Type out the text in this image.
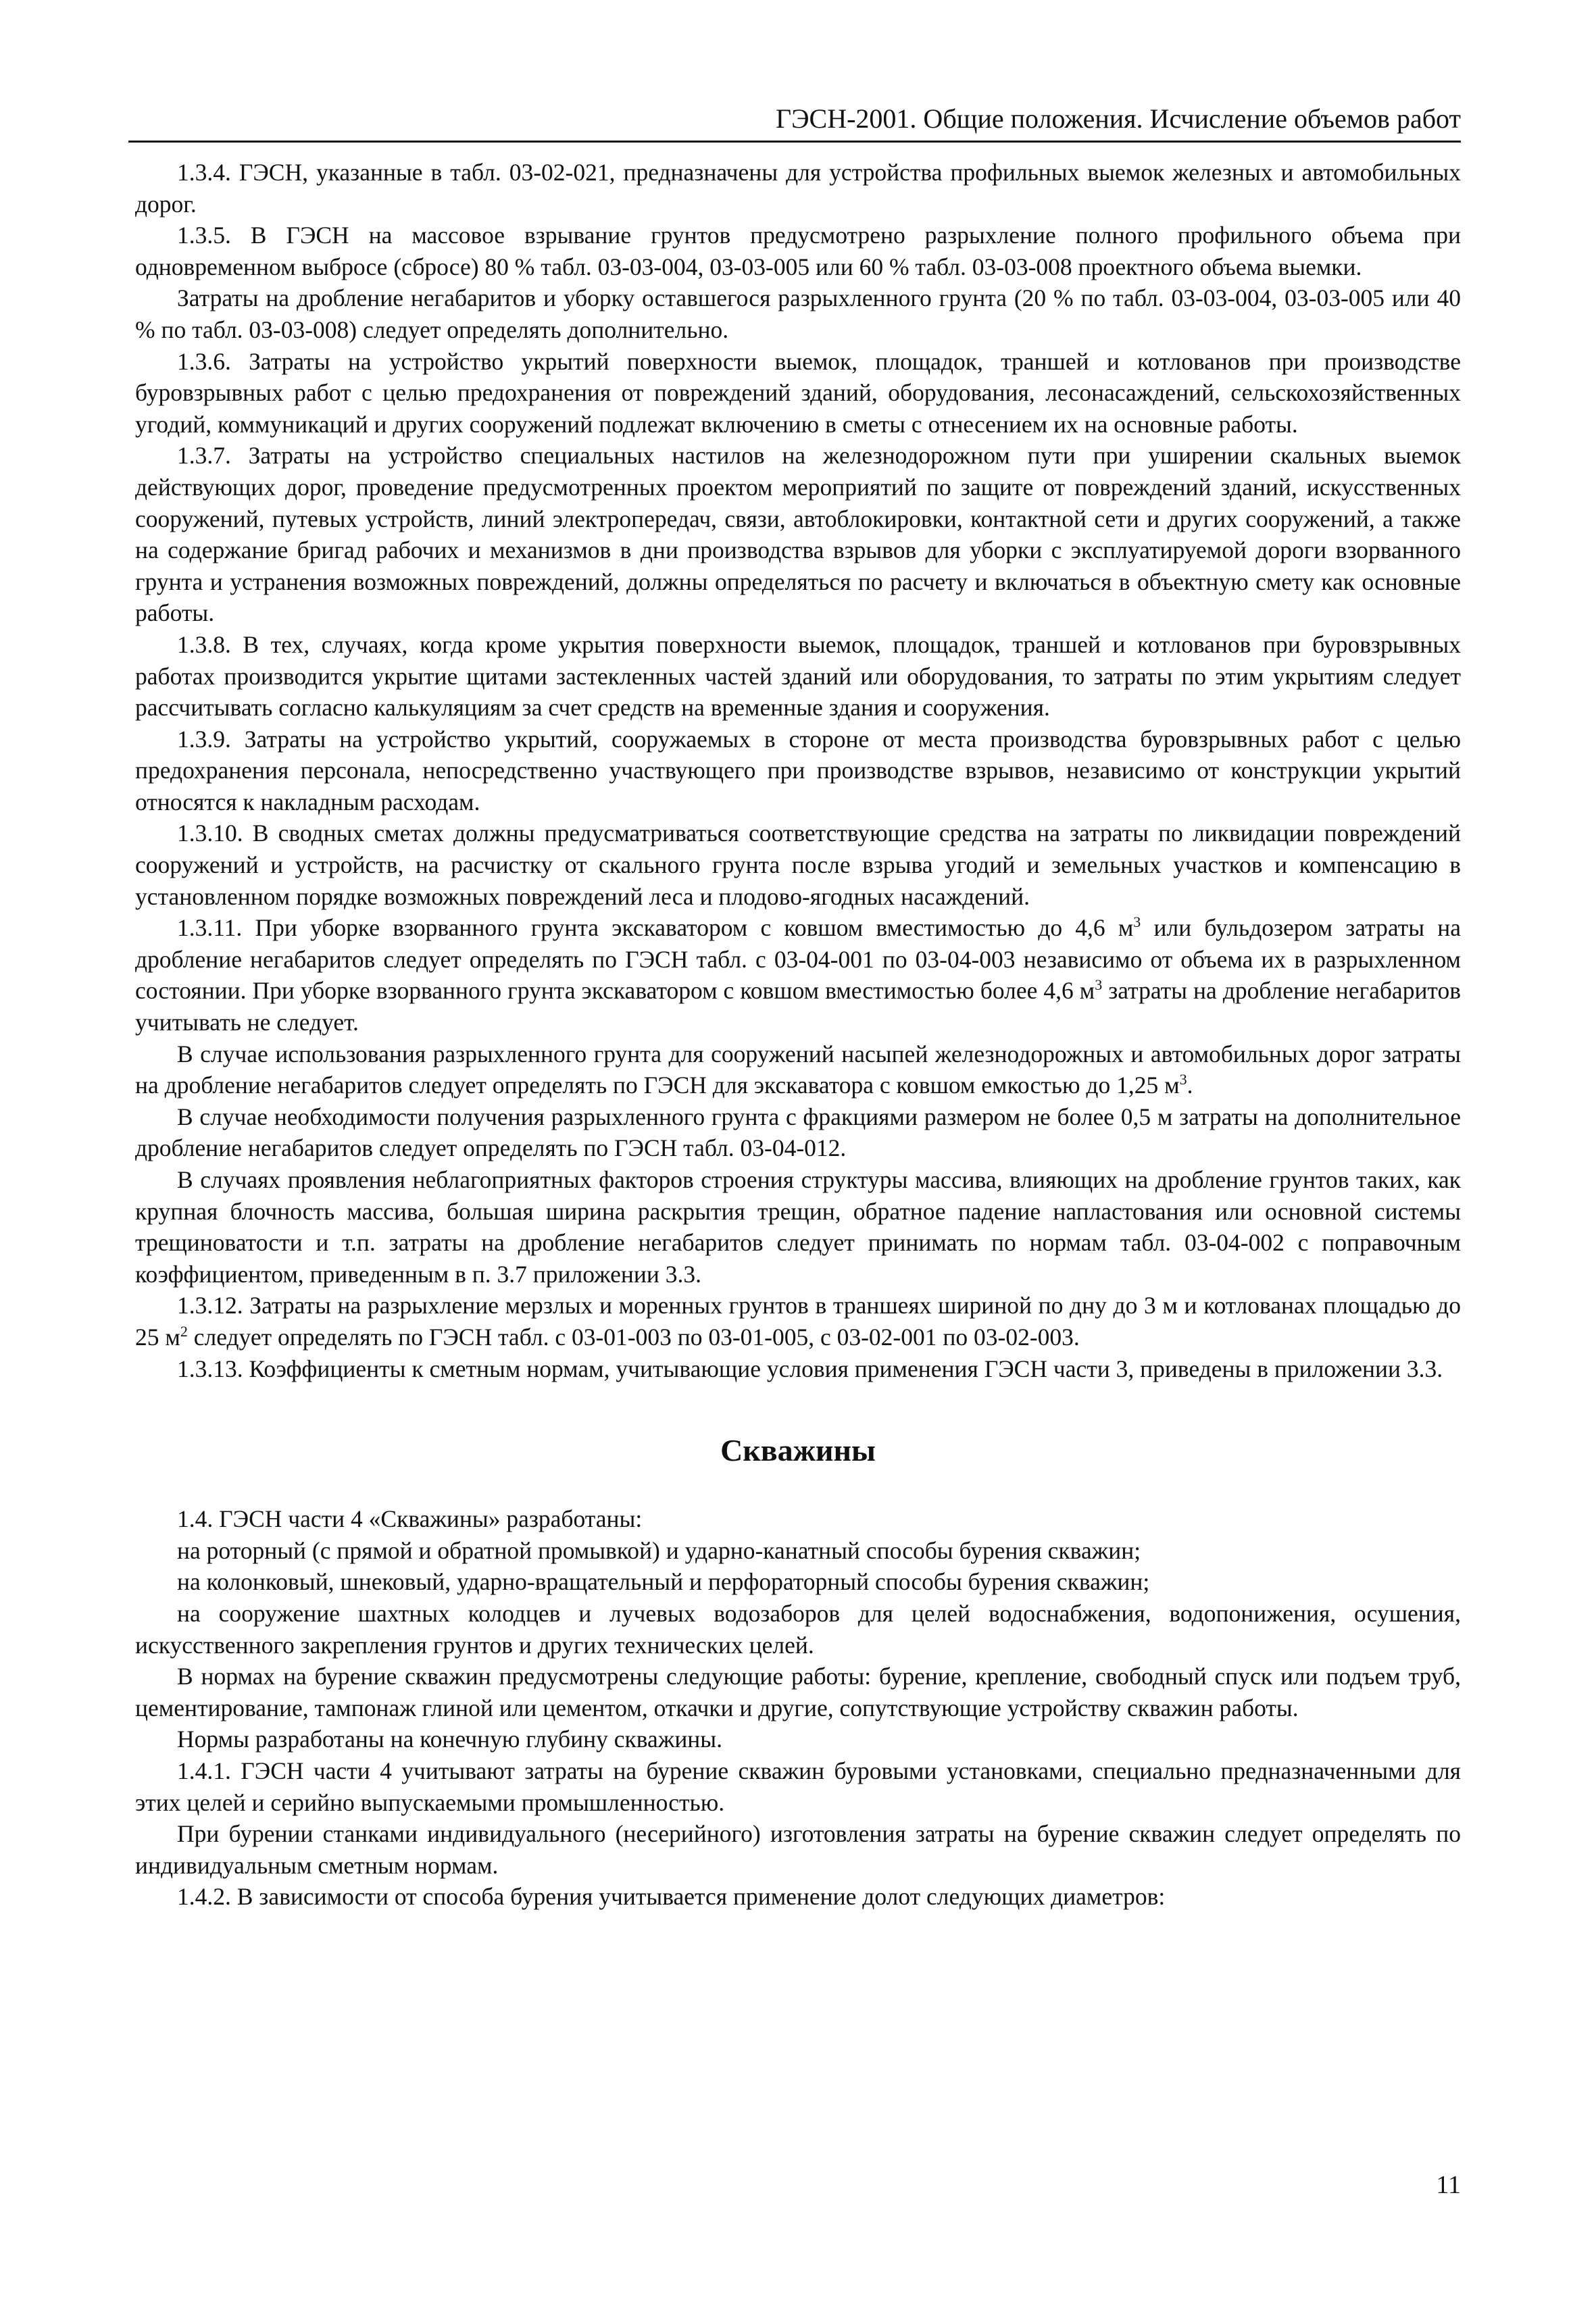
ГЭСН-2001. Общие положения. Исчисление объемов работ

1.3.4. ГЭСН, указанные в табл. 03-02-021, предназначены для устройства профильных выемок железных и автомобильных дорог.

1.3.5. В ГЭСН на массовое взрывание грунтов предусмотрено разрыхление полного профильного объема при одновременном выбросе (сбросе) 80 % табл. 03-03-004, 03-03-005 или 60 % табл. 03-03-008 проектного объема выемки.

Затраты на дробление негабаритов и уборку оставшегося разрыхленного грунта (20 % по табл. 03-03-004, 03-03-005 или 40 % по табл. 03-03-008) следует определять дополнительно.

1.3.6. Затраты на устройство укрытий поверхности выемок, площадок, траншей и котлованов при производстве буровзрывных работ с целью предохранения от повреждений зданий, оборудования, лесонасаждений, сельскохозяйственных угодий, коммуникаций и других сооружений подлежат включению в сметы с отнесением их на основные работы.

1.3.7. Затраты на устройство специальных настилов на железнодорожном пути при уширении скальных выемок действующих дорог, проведение предусмотренных проектом мероприятий по защите от повреждений зданий, искусственных сооружений, путевых устройств, линий электропередач, связи, автоблокировки, контактной сети и других сооружений, а также на содержание бригад рабочих и механизмов в дни производства взрывов для уборки с эксплуатируемой дороги взорванного грунта и устранения возможных повреждений, должны определяться по расчету и включаться в объектную смету как основные работы.

1.3.8. В тех, случаях, когда кроме укрытия поверхности выемок, площадок, траншей и котлованов при буровзрывных работах производится укрытие щитами застекленных частей зданий или оборудования, то затраты по этим укрытиям следует рассчитывать согласно калькуляциям за счет средств на временные здания и сооружения.

1.3.9. Затраты на устройство укрытий, сооружаемых в стороне от места производства буровзрывных работ с целью предохранения персонала, непосредственно участвующего при производстве взрывов, независимо от конструкции укрытий относятся к накладным расходам.

1.3.10. В сводных сметах должны предусматриваться соответствующие средства на затраты по ликвидации повреждений сооружений и устройств, на расчистку от скального грунта после взрыва угодий и земельных участков и компенсацию в установленном порядке возможных повреждений леса и плодово-ягодных насаждений.

1.3.11. При уборке взорванного грунта экскаватором с ковшом вместимостью до 4,6 $м^3$ или бульдозером затраты на дробление негабаритов следует определять по ГЭСН табл. с 03-04-001 по 03-04-003 независимо от объема их в разрыхленном состоянии. При уборке взорванного грунта экскаватором с ковшом вместимостью более 4,6 $м^3$ затраты на дробление негабаритов учитывать не следует.

В случае использования разрыхленного грунта для сооружений насыпей железнодорожных и автомобильных дорог затраты на дробление негабаритов следует определять по ГЭСН для экскаватора с ковшом емкостью до 1,25 $м^3$.

В случае необходимости получения разрыхленного грунта с фракциями размером не более 0,5 м затраты на дополнительное дробление негабаритов следует определять по ГЭСН табл. 03-04-012.

В случаях проявления неблагоприятных факторов строения структуры массива, влияющих на дробление грунтов таких, как крупная блочность массива, большая ширина раскрытия трещин, обратное падение напластования или основной системы трещиноватости и т.п. затраты на дробление негабаритов следует принимать по нормам табл. 03-04-002 с поправочным коэффициентом, приведенным в п. 3.7 приложении 3.3.

1.3.12. Затраты на разрыхление мерзлых и моренных грунтов в траншеях шириной по дну до 3 м и котлованах площадью до 25 $м^2$ следует определять по ГЭСН табл. с 03-01-003 по 03-01-005, с 03-02-001 по 03-02-003.

1.3.13. Коэффициенты к сметным нормам, учитывающие условия применения ГЭСН части 3, приведены в приложении 3.3.

Скважины

1.4. ГЭСН части 4 «Скважины» разработаны:

на роторный (с прямой и обратной промывкой) и ударно-канатный способы бурения скважин;

на колонковый, шнековый, ударно-вращательный и перфораторный способы бурения скважин;

на сооружение шахтных колодцев и лучевых водозаборов для целей водоснабжения, водопонижения, осушения, искусственного закрепления грунтов и других технических целей.

В нормах на бурение скважин предусмотрены следующие работы: бурение, крепление, свободный спуск или подъем труб, цементирование, тампонаж глиной или цементом, откачки и другие, сопутствующие устройству скважин работы.

Нормы разработаны на конечную глубину скважины.

1.4.1. ГЭСН части 4 учитывают затраты на бурение скважин буровыми установками, специально предназначенными для этих целей и серийно выпускаемыми промышленностью.

При бурении станками индивидуального (несерийного) изготовления затраты на бурение скважин следует определять по индивидуальным сметным нормам.

1.4.2. В зависимости от способа бурения учитывается применение долот следующих диаметров:

11
